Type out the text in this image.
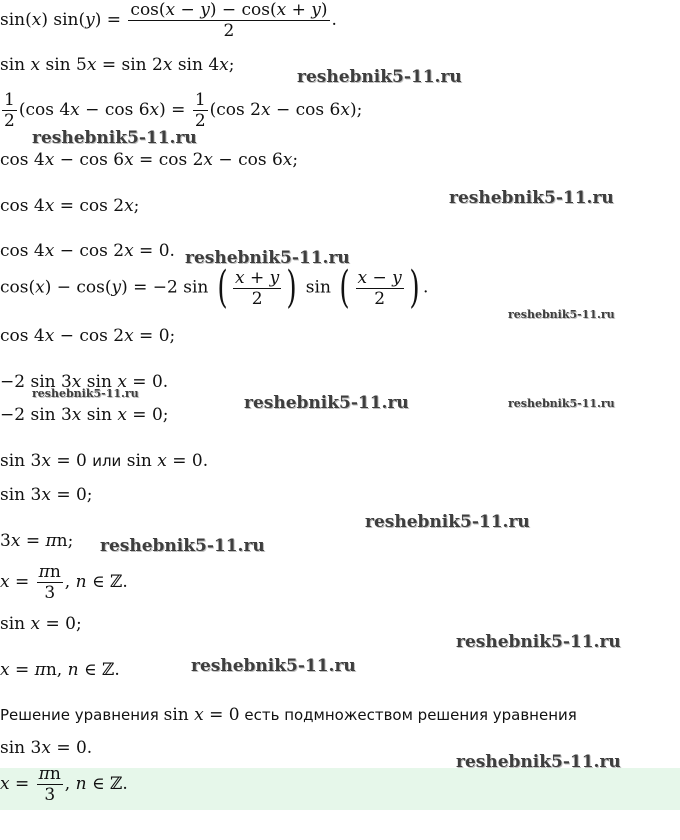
sin(x) $\sin(y) = \frac{\cos(x - y) - \cos(x + y)}{2}$ .
sin x sin 5x = sin 2x sin 4x;
$\frac{1}{2} (\cos$ $4x - \cos 6x) = \frac{1}{2} (\cos$ 2x − cos 6x);
cos 4x − cos 6x = cos 2x − cos 6x;
cos 4x = cos 2x;
cos 4x − cos 2x = 0.
cos(x) − cos(y) = −2 sin ( $\frac{x + y}{2}$ ) sin ( $\frac{x - y}{2}$ ) .
cos 4x − cos 2x = 0;
−2 sin 3x sin x = 0.
−2 sin 3x sin x = 0;
sin 3x = 0 или sin x = 0.
sin 3x = 0;
3x = πn;
$x = \frac{\pi n}{3}$ , n ∈ ℤ.
sin x = 0;
x = πn, n ∈ ℤ.
Решение уравнения sin x = 0 есть подмножеством решения уравнения
sin 3x = 0.
$x = \frac{\pi n}{3}$ , n ∈ ℤ.
reshebnik5-11.ru
reshebnik5-11.ru
reshebnik5-11.ru
reshebnik5-11.ru
reshebnik5-11.ru
reshebnik5-11.ru	reshebnik5-11.ru	reshebnik5-11.ru
reshebnik5-11.ru
reshebnik5-11.ru
reshebnik5-11.ru
reshebnik5-11.ru
reshebnik5-11.ru
